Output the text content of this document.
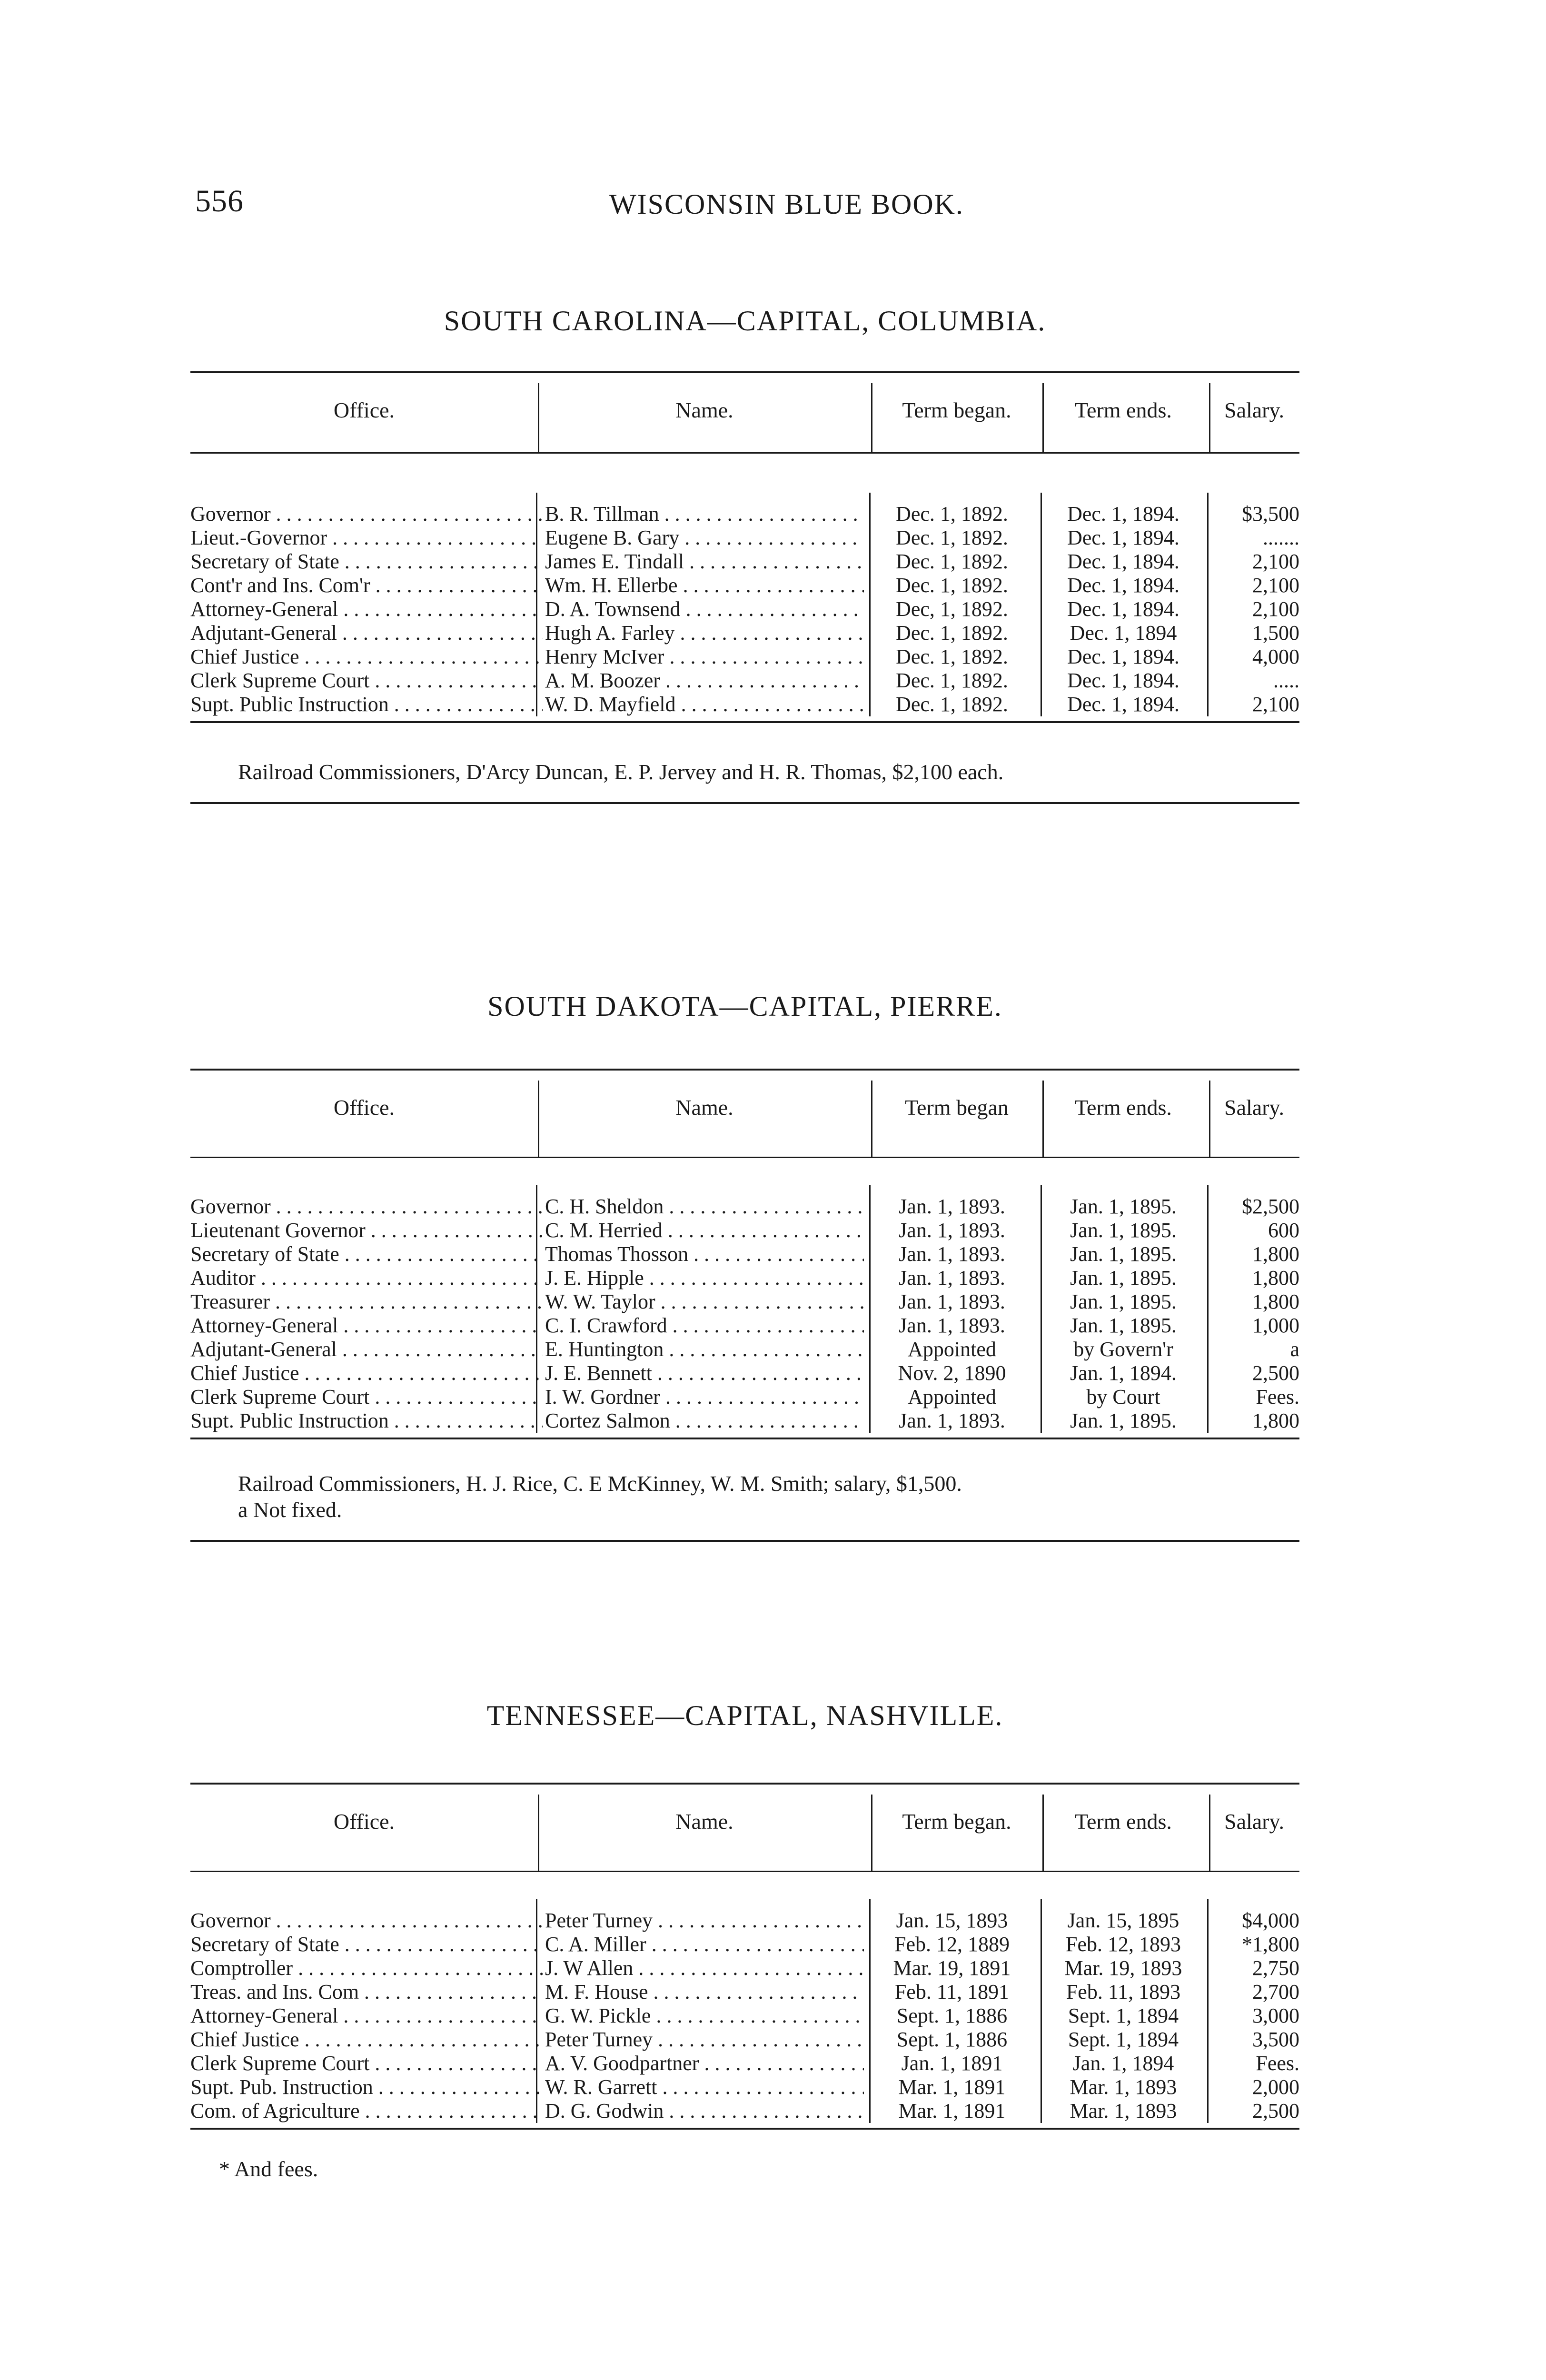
556	WISCONSIN BLUE BOOK.
SOUTH CAROLINA—CAPITAL, COLUMBIA.
Office.	Name.	Term began.	Term ends.	Salary.
Governor . . .	B. R. Tillman . . .	Dec. 1, 1892.	Dec. 1, 1894.	$3,500
Lieut.-Governor . . .	Eugene B. Gary . . .	Dec. 1, 1892.	Dec. 1, 1894.	.......
Secretary of State . . .	James E. Tindall . . .	Dec. 1, 1892.	Dec. 1, 1894.	2,100
Cont'r and Ins. Com'r . . .	Wm. H. Ellerbe . . .	Dec. 1, 1892.	Dec. 1, 1894.	2,100
Attorney-General . . .	D. A. Townsend . . .	Dec, 1, 1892.	Dec. 1, 1894.	2,100
Adjutant-General . . .	Hugh A. Farley . . .	Dec. 1, 1892.	Dec. 1, 1894	1,500
Chief Justice . . .	Henry McIver . . .	Dec. 1, 1892.	Dec. 1, 1894.	4,000
Clerk Supreme Court . . .	A. M. Boozer . . .	Dec. 1, 1892.	Dec. 1, 1894.	.....
Supt. Public Instruction . . .	W. D. Mayfield . . .	Dec. 1, 1892.	Dec. 1, 1894.	2,100
Railroad Commissioners, D'Arcy Duncan, E. P. Jervey and H. R. Thomas, $2,100 each.
SOUTH DAKOTA—CAPITAL, PIERRE.
Office.	Name.	Term began	Term ends.	Salary.
Governor . . .	C. H. Sheldon . . .	Jan. 1, 1893.	Jan. 1, 1895.	$2,500
Lieutenant Governor . . .	C. M. Herried . . .	Jan. 1, 1893.	Jan. 1, 1895.	600
Secretary of State . . .	Thomas Thosson . . .	Jan. 1, 1893.	Jan. 1, 1895.	1,800
Auditor . . .	J. E. Hipple . . .	Jan. 1, 1893.	Jan. 1, 1895.	1,800
Treasurer . . .	W. W. Taylor . . .	Jan. 1, 1893.	Jan. 1, 1895.	1,800
Attorney-General . . .	C. I. Crawford . . .	Jan. 1, 1893.	Jan. 1, 1895.	1,000
Adjutant-General . . .	E. Huntington . . .	Appointed	by Govern'r	a
Chief Justice . . .	J. E. Bennett . . .	Nov. 2, 1890	Jan. 1, 1894.	2,500
Clerk Supreme Court . . .	I. W. Gordner . . .	Appointed	by Court	Fees.
Supt. Public Instruction . . .	Cortez Salmon . . .	Jan. 1, 1893.	Jan. 1, 1895.	1,800
Railroad Commissioners, H. J. Rice, C. E McKinney, W. M. Smith; salary, $1,500.
a Not fixed.
TENNESSEE—CAPITAL, NASHVILLE.
Office.	Name.	Term began.	Term ends.	Salary.
Governor . . .	Peter Turney . . .	Jan. 15, 1893	Jan. 15, 1895	$4,000
Secretary of State . . .	C. A. Miller . . .	Feb. 12, 1889	Feb. 12, 1893	*1,800
Comptroller . . .	J. W Allen . . .	Mar. 19, 1891	Mar. 19, 1893	2,750
Treas. and Ins. Com . . .	M. F. House . . .	Feb. 11, 1891	Feb. 11, 1893	2,700
Attorney-General . . .	G. W. Pickle . . .	Sept. 1, 1886	Sept. 1, 1894	3,000
Chief Justice . . .	Peter Turney . . .	Sept. 1, 1886	Sept. 1, 1894	3,500
Clerk Supreme Court . . .	A. V. Goodpartner . . .	Jan. 1, 1891	Jan. 1, 1894	Fees.
Supt. Pub. Instruction . . .	W. R. Garrett . . .	Mar. 1, 1891	Mar. 1, 1893	2,000
Com. of Agriculture . . .	D. G. Godwin . . .	Mar. 1, 1891	Mar. 1, 1893	2,500
* And fees.
